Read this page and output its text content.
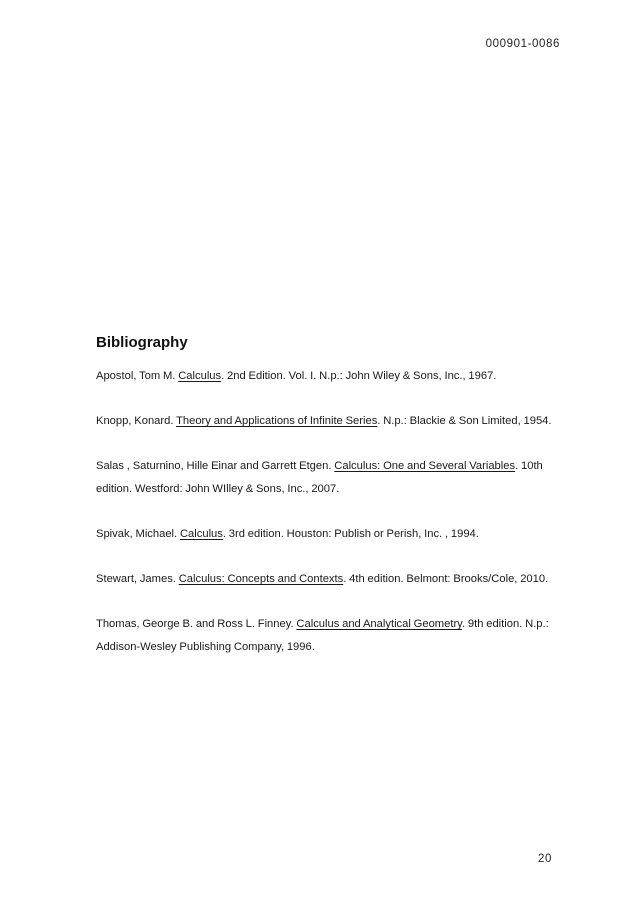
000901-0086
Bibliography

Apostol, Tom M. Calculus. 2nd Edition. Vol. I. N.p.: John Wiley & Sons, Inc., 1967.

Knopp, Konard. Theory and Applications of Infinite Series. N.p.: Blackie & Son Limited, 1954.

Salas , Saturnino, Hille Einar and Garrett Etgen. Calculus: One and Several Variables. 10th edition. Westford: John WIlley & Sons, Inc., 2007.

Spivak, Michael. Calculus. 3rd edition. Houston: Publish or Perish, Inc. , 1994.

Stewart, James. Calculus: Concepts and Contexts. 4th edition. Belmont: Brooks/Cole, 2010.

Thomas, George B. and Ross L. Finney. Calculus and Analytical Geometry. 9th edition. N.p.: Addison-Wesley Publishing Company, 1996.

20
